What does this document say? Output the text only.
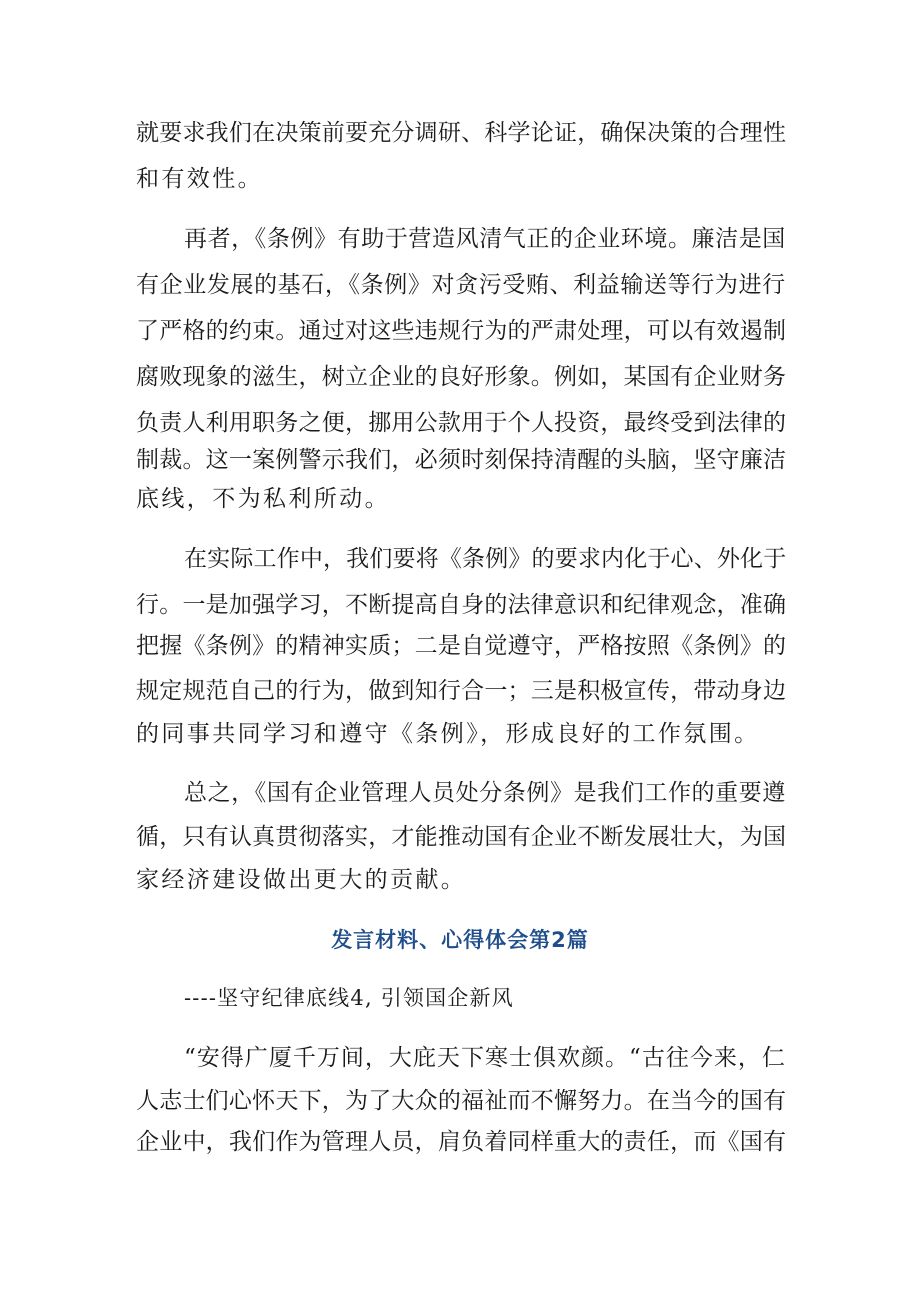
就要求我们在决策前要充分调研、科学论证，确保决策的合理性
和有效性。
再者，《条例》有助于营造风清气正的企业环境。廉洁是国
有企业发展的基石，《条例》对贪污受贿、利益输送等行为进行
了严格的约束。通过对这些违规行为的严肃处理，可以有效遏制
腐败现象的滋生，树立企业的良好形象。例如，某国有企业财务
负责人利用职务之便，挪用公款用于个人投资，最终受到法律的
制裁。这一案例警示我们，必须时刻保持清醒的头脑，坚守廉洁
底线，不为私利所动。
在实际工作中，我们要将《条例》的要求内化于心、外化于
行。一是加强学习，不断提高自身的法律意识和纪律观念，准确
把握《条例》的精神实质；二是自觉遵守，严格按照《条例》的
规定规范自己的行为，做到知行合一；三是积极宣传，带动身边
的同事共同学习和遵守《条例》，形成良好的工作氛围。
总之，《国有企业管理人员处分条例》是我们工作的重要遵
循，只有认真贯彻落实，才能推动国有企业不断发展壮大，为国
家经济建设做出更大的贡献。
发言材料、心得体会第2篇
----坚守纪律底线4, 引领国企新风
“安得广厦千万间，大庇天下寒士俱欢颜。“古往今来，仁
人志士们心怀天下，为了大众的福祉而不懈努力。在当今的国有
企业中，我们作为管理人员，肩负着同样重大的责任，而《国有
